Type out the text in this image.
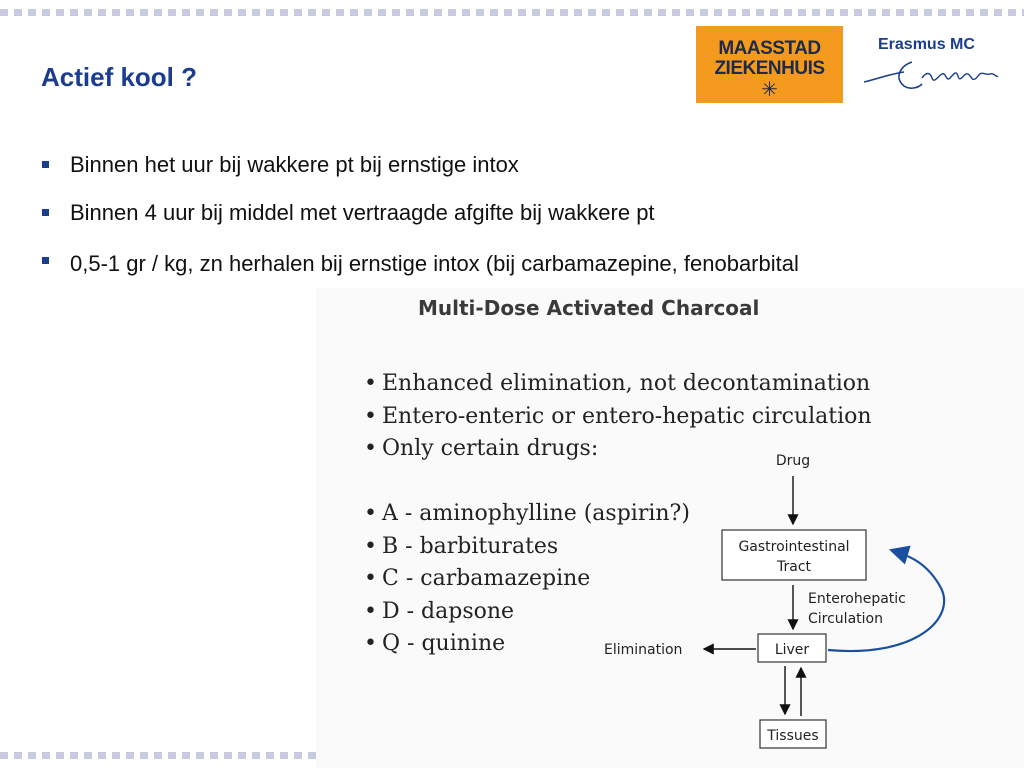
Actief kool ?
MAASSTAD
ZIEKENHUIS
✳
Erasmus MC
Binnen het uur bij wakkere pt bij ernstige intox
Binnen 4 uur bij middel met vertraagde afgifte bij wakkere pt
0,5-1 gr / kg, zn herhalen bij ernstige intox (bij carbamazepine, fenobarbital
Multi-Dose Activated Charcoal
• Enhanced elimination, not decontamination
• Entero-enteric or entero-hepatic circulation
• Only certain drugs:
• A - aminophylline (aspirin?)
• B - barbiturates
• C - carbamazepine
• D - dapsone
• Q - quinine
Drug
Gastrointestinal
Tract
Enterohepatic
Circulation
Liver
Elimination
Tissues
